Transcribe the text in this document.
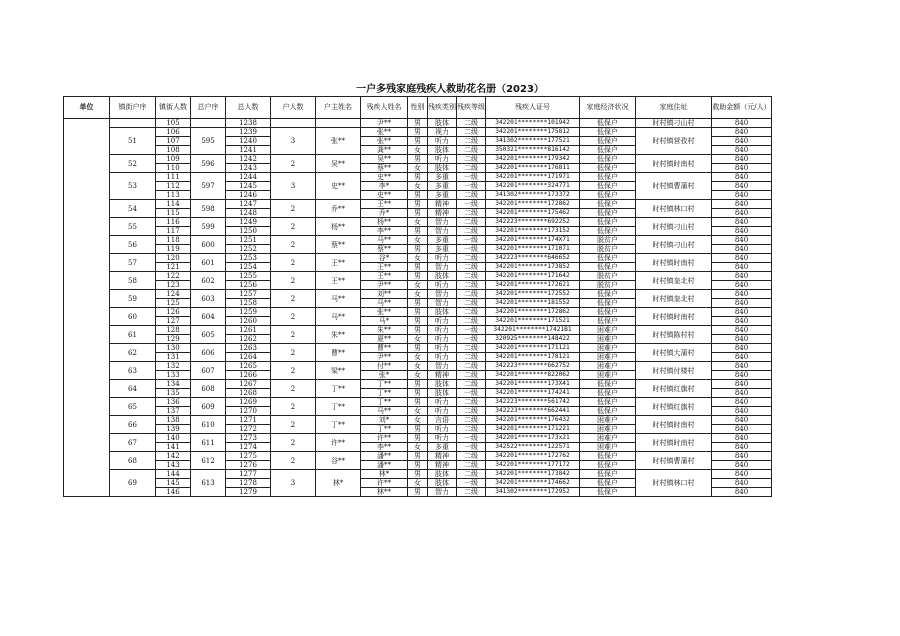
一户多残家庭残疾人救助花名册（2023）
单位	镇街户序	镇街人数	总户序	总人数	户人数	户主姓名	残疾人姓名	性别	残疾类别	残疾等级	残疾人证号	家庭经济状况	家庭住址	救助金额（元/人）
		105		1238			尹**	男	肢体	二级	342201********101942	低保户	时村镇刁山村	840
	51	106	595	1239	3	张**	张**	男	视力	二级	342201********175812	低保户	时村镇营孜村	840
		107		1240			张**	男	听力	二级	341302********177521	低保户		840
		108		1241			龚**	女	肢体	二级	350321********816142	低保户		840
	52	109	596	1242	2	吴**	吴**	男	听力	二级	342201********179342	低保户	时村镇时南村	840
		110		1243			蔡**	女	肢体	二级	342201********176811	低保户		840
	53	111	597	1244	3	史**	史**	男	多重	一级	342201********171971	低保户	时村镇曹蒲村	840
		112		1245			李*	女	多重	一级	342201********324771	低保户		840
		113		1246			史**	男	多重	二级	341302********173372	低保户		840
	54	114	598	1247	2	乔**	王**	男	精神	一级	342201********172862	低保户	时村镇林口村	840
		115		1248			乔*	男	精神	二级	342201********175462	低保户		840
	55	116	599	1249	2	杨**	杨**	女	智力	二级	342223********692252	低保户	时村镇刁山村	840
		117		1250			李**	男	智力	二级	342201********173152	低保户		840
	56	118	600	1251	2	蔡**	马**	女	多重	一级	342201********174X71	脱贫户	时村镇刁山村	840
		119		1252			蔡**	男	多重	一级	342201********171071	脱贫户		840
	57	120	601	1253	2	王**	谷*	女	听力	二级	342223********646652	低保户	时村镇时南村	840
		121		1254			王**	男	智力	二级	342201********173852	低保户		840
	58	122	602	1255	2	王**	王**	男	肢体	二级	342201********171642	脱贫户	时村镇奎北村	840
		123		1256			尹**	女	听力	二级	342201********172621	脱贫户		840
	59	124	603	1257	2	马**	刘**	女	智力	二级	342201********172552	低保户	时村镇奎北村	840
		125		1258			马**	男	智力	二级	342201********181552	低保户		840
	60	126	604	1259	2	马**	张**	男	肢体	二级	342201********172862	低保户	时村镇时南村	840
		127		1260			马*	男	听力	二级	342201********171521	低保户		840
	61	128	605	1261	2	朱**	朱**	男	听力	一级	342201********17421B1	困难户	时村镇陈村村	840
		129		1262			夏**	女	听力	一级	320925********148422	困难户		840
	62	130	606	1263	2	曹**	曹**	男	听力	二级	342201********171121	困难户	时村镇大蒲村	840
		131		1264			尹**	女	听力	二级	342201********178121	困难户		840
	63	132	607	1265	2	梁**	付**	女	智力	二级	342223********662752	困难户	时村镇付楼村	840
		133		1266			张*	女	精神	二级	342201********822062	困难户		840
	64	134	608	1267	2	丁**	丁**	男	肢体	二级	342201********173X41	低保户	时村镇红旗村	840
		135		1268			丁**	男	肢体	一级	342201********174241	低保户		840
	65	136	609	1269	2	丁**	丁**	男	听力	二级	342223********561742	低保户	时村镇红旗村	840
		137		1270			马**	女	听力	二级	342223********662441	低保户		840
	66	138	610	1271	2	丁**	刘*	女	言语	二级	342201********176432	困难户	时村镇时南村	840
		139		1272			丁**	男	听力	二级	342201********171221	困难户		840
	67	140	611	1273	2	许**	许**	男	听力	一级	342201********173x21	困难户	时村镇时南村	840
		141		1274			李**	女	多重	一级	342522********122571	困难户		840
	68	142	612	1275	2	谷**	潘**	男	精神	二级	342201********172762	低保户	时村镇曹蒲村	840
		143		1276			潘**	男	精神	二级	342201********177172	低保户		840
	69	144	613	1277	3	林*	林*	男	肢体	二级	342201********173842	低保户	时村镇林口村	840
		145		1278			许**	女	肢体	一级	342201********174662	低保户		840
		146		1279			林**	男	智力	二级	341302********172952	低保户		840
